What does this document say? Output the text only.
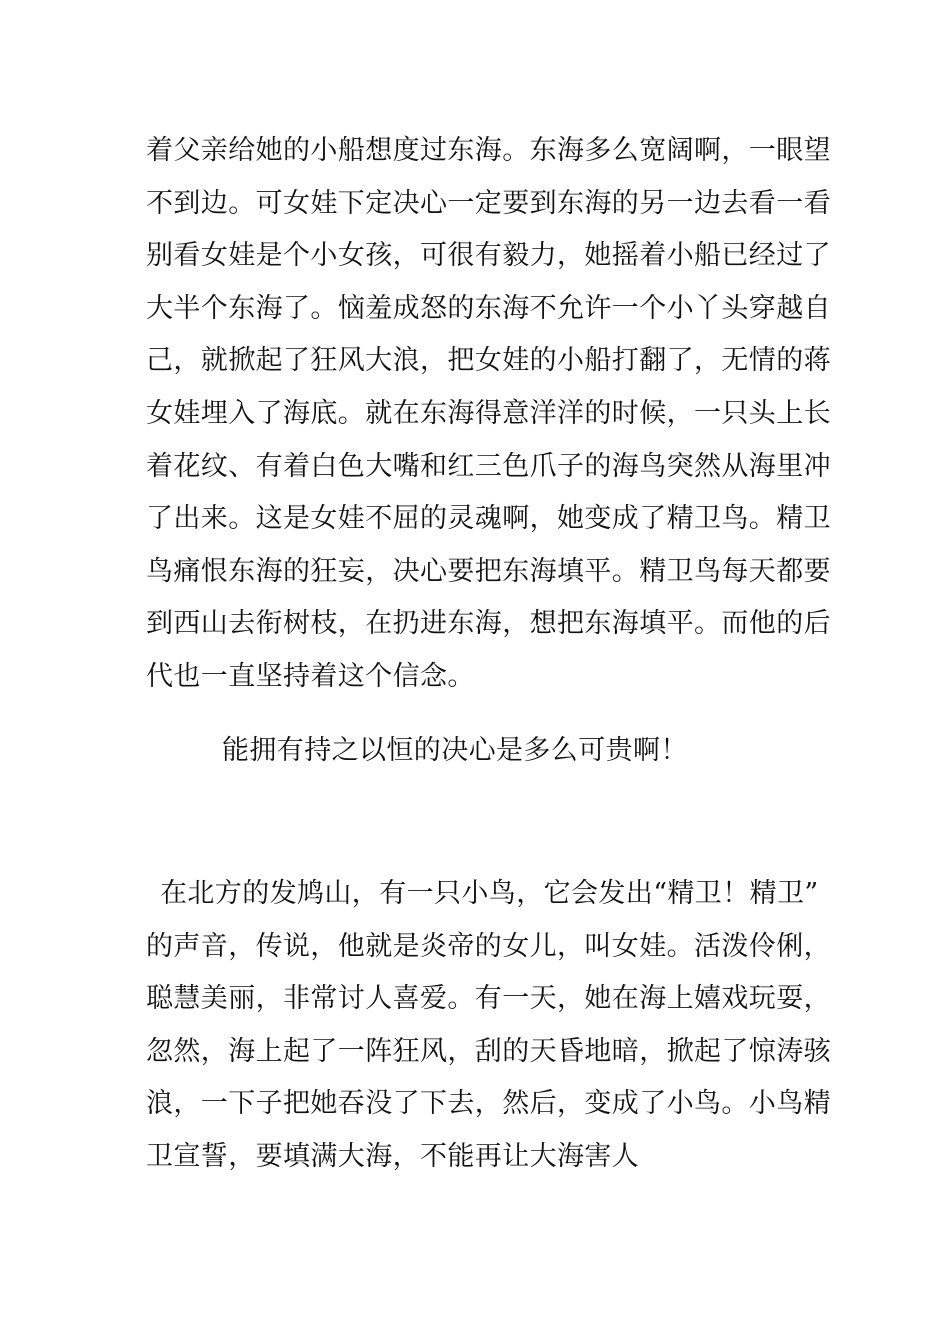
着父亲给她的小船想度过东海。东海多么宽阔啊，一眼望
不到边。可女娃下定决心一定要到东海的另一边去看一看
别看女娃是个小女孩，可很有毅力，她摇着小船已经过了
大半个东海了。恼羞成怒的东海不允许一个小丫头穿越自
己，就掀起了狂风大浪，把女娃的小船打翻了，无情的蒋
女娃埋入了海底。就在东海得意洋洋的时候，一只头上长
着花纹、有着白色大嘴和红三色爪子的海鸟突然从海里冲
了出来。这是女娃不屈的灵魂啊，她变成了精卫鸟。精卫
鸟痛恨东海的狂妄，决心要把东海填平。精卫鸟每天都要
到西山去衔树枝，在扔进东海，想把东海填平。而他的后
代也一直坚持着这个信念。
能拥有持之以恒的决心是多么可贵啊！
在北方的发鸠山，有一只小鸟，它会发出“精卫！精卫”
的声音，传说，他就是炎帝的女儿，叫女娃。活泼伶俐，
聪慧美丽，非常讨人喜爱。有一天，她在海上嬉戏玩耍，
忽然，海上起了一阵狂风，刮的天昏地暗，掀起了惊涛骇
浪，一下子把她吞没了下去，然后，变成了小鸟。小鸟精
卫宣誓，要填满大海，不能再让大海害人
